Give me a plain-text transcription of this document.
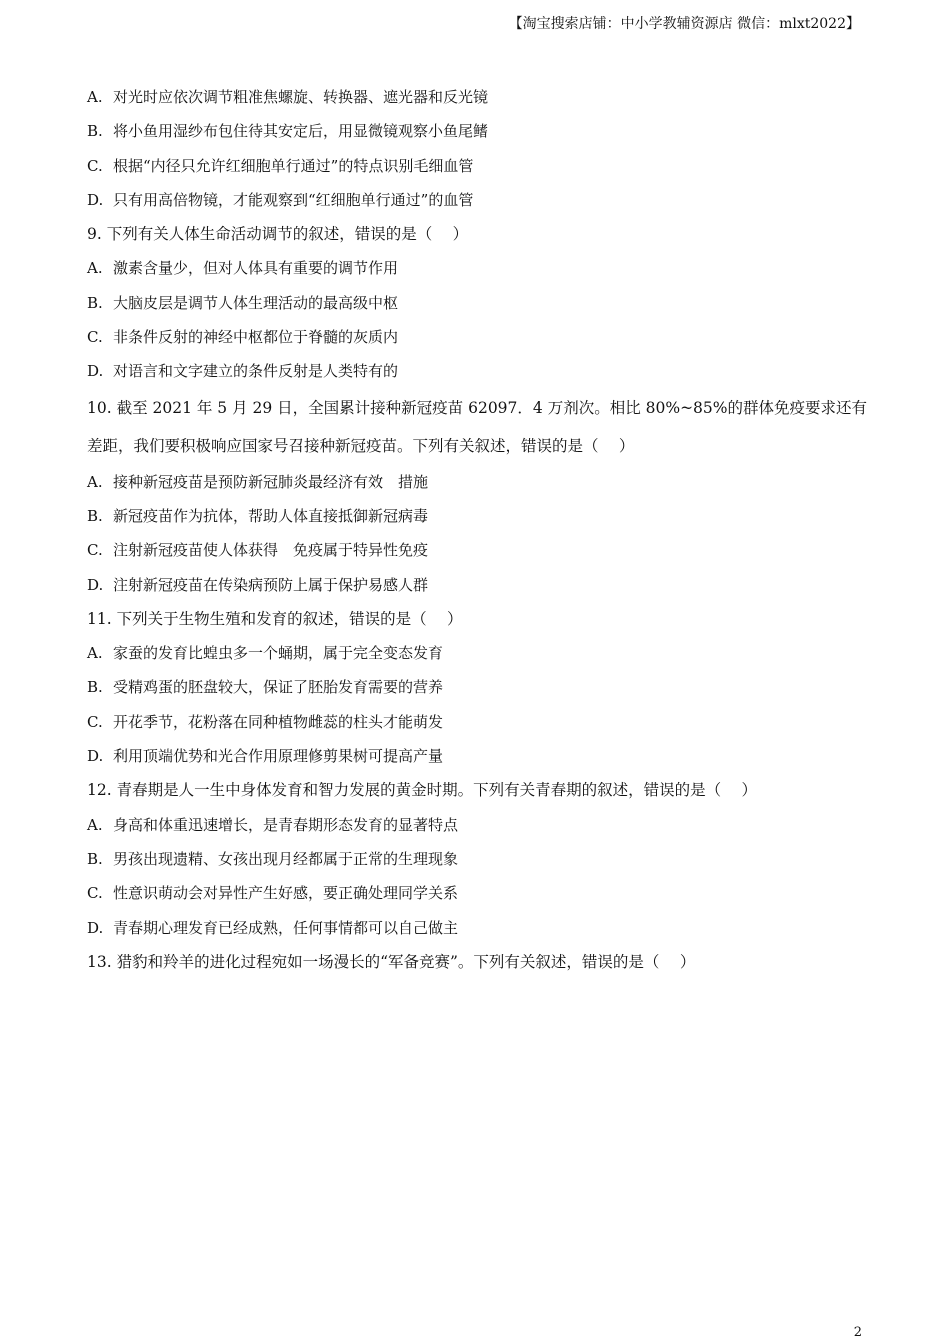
【淘宝搜索店铺：中小学教辅资源店 微信：mlxt2022】
A. 对光时应依次调节粗准焦螺旋、转换器、遮光器和反光镜
B. 将小鱼用湿纱布包住待其安定后，用显微镜观察小鱼尾鳍
C. 根据“内径只允许红细胞单行通过”的特点识别毛细血管
D. 只有用高倍物镜，才能观察到“红细胞单行通过”的血管
9. 下列有关人体生命活动调节的叙述，错误的是（　 ）
A. 激素含量少，但对人体具有重要的调节作用
B. 大脑皮层是调节人体生理活动的最高级中枢
C. 非条件反射的神经中枢都位于脊髓的灰质内
D. 对语言和文字建立的条件反射是人类特有的
10. 截至 2021 年 5 月 29 日，全国累计接种新冠疫苗 62097．4 万剂次。相比 80%~85%的群体免疫要求还有差距，我们要积极响应国家号召接种新冠疫苗。下列有关叙述，错误的是（　 ）
A. 接种新冠疫苗是预防新冠肺炎最经济有效　措施
B. 新冠疫苗作为抗体，帮助人体直接抵御新冠病毒
C. 注射新冠疫苗使人体获得　免疫属于特异性免疫
D. 注射新冠疫苗在传染病预防上属于保护易感人群
11. 下列关于生物生殖和发育的叙述，错误的是（　 ）
A. 家蚕的发育比蝗虫多一个蛹期，属于完全变态发育
B. 受精鸡蛋的胚盘较大，保证了胚胎发育需要的营养
C. 开花季节，花粉落在同种植物雌蕊的柱头才能萌发
D. 利用顶端优势和光合作用原理修剪果树可提高产量
12. 青春期是人一生中身体发育和智力发展的黄金时期。下列有关青春期的叙述，错误的是（　 ）
A. 身高和体重迅速增长，是青春期形态发育的显著特点
B. 男孩出现遗精、女孩出现月经都属于正常的生理现象
C. 性意识萌动会对异性产生好感，要正确处理同学关系
D. 青春期心理发育已经成熟，任何事情都可以自己做主
13. 猎豹和羚羊的进化过程宛如一场漫长的“军备竞赛”。下列有关叙述，错误的是（　 ）
2
